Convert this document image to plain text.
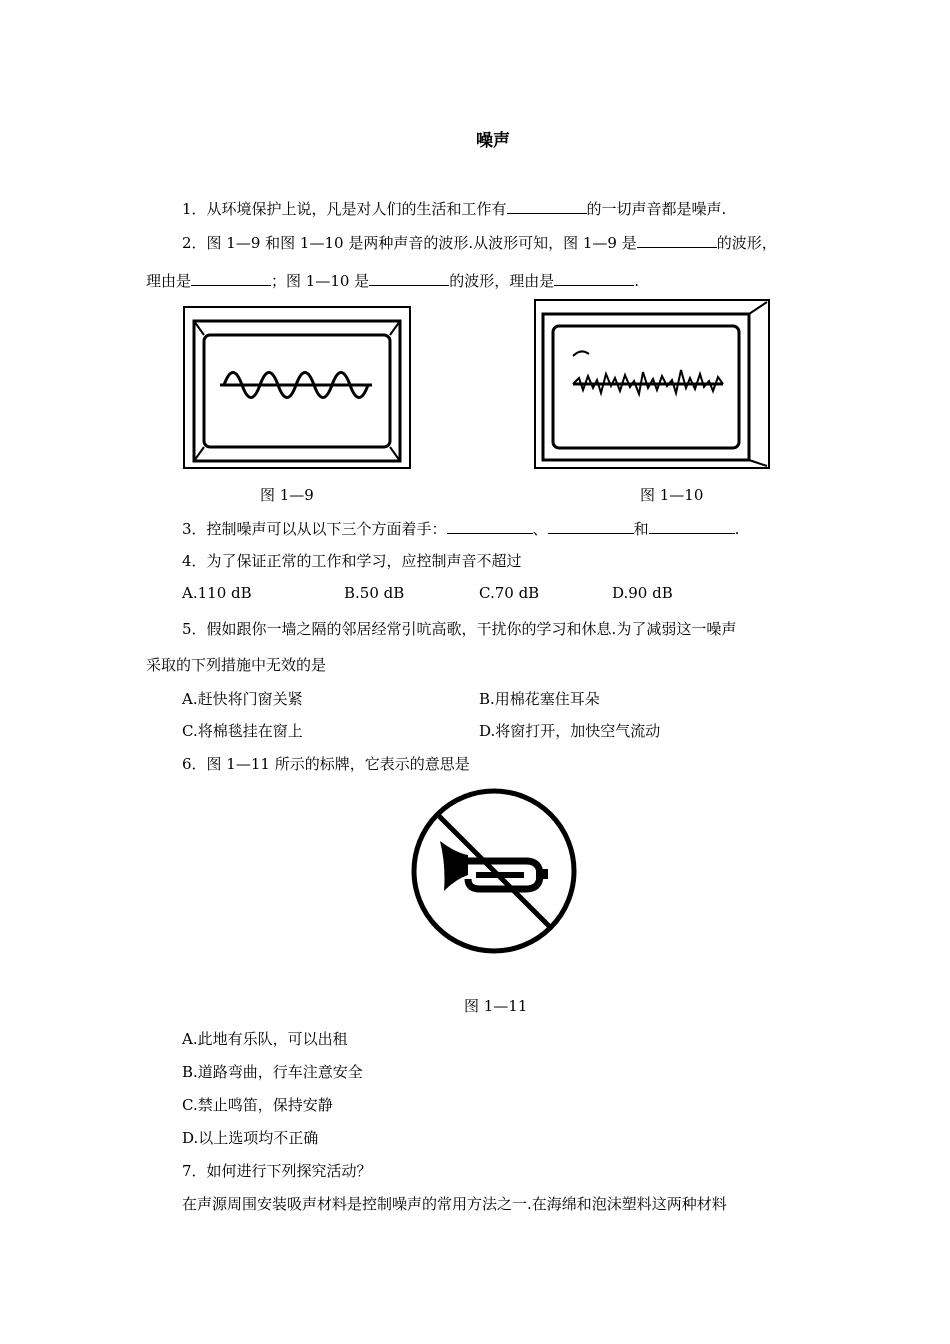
噪声
1．从环境保护上说，凡是对人们的生活和工作有	的一切声音都是噪声.
2．图 1—9 和图 1—10 是两种声音的波形.从波形可知，图 1—9 是	的波形，
理由是	；图 1—10 是	的波形，理由是	.
图 1—9	图 1—10
3．控制噪声可以从以下三个方面着手：	、	和	.
4．为了保证正常的工作和学习，应控制声音不超过
A.110 dB	B.50 dB	C.70 dB	D.90 dB
5．假如跟你一墙之隔的邻居经常引吭高歌，干扰你的学习和休息.为了减弱这一噪声
采取的下列措施中无效的是
A.赶快将门窗关紧	B.用棉花塞住耳朵
C.将棉毯挂在窗上	D.将窗打开，加快空气流动
6．图 1—11 所示的标牌，它表示的意思是
图 1—11
A.此地有乐队，可以出租
B.道路弯曲，行车注意安全
C.禁止鸣笛，保持安静
D.以上选项均不正确
7．如何进行下列探究活动？
在声源周围安装吸声材料是控制噪声的常用方法之一.在海绵和泡沫塑料这两种材料
